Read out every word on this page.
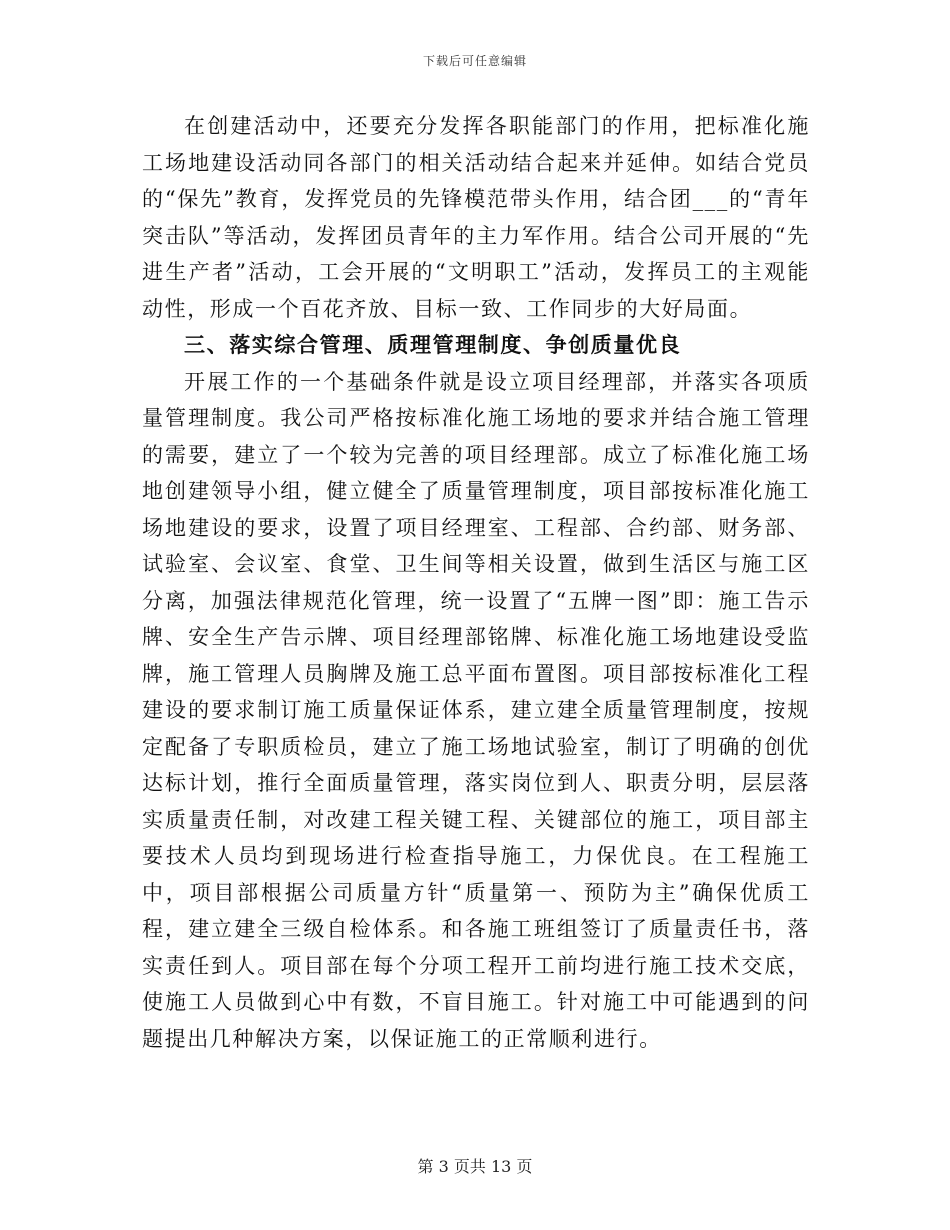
下载后可任意编辑

在创建活动中，还要充分发挥各职能部门的作用，把标准化施工场地建设活动同各部门的相关活动结合起来并延伸。如结合党员的“保先”教育，发挥党员的先锋模范带头作用，结合团___的“青年突击队”等活动，发挥团员青年的主力军作用。结合公司开展的“先进生产者”活动，工会开展的“文明职工”活动，发挥员工的主观能动性，形成一个百花齐放、目标一致、工作同步的大好局面。

三、落实综合管理、质理管理制度、争创质量优良

开展工作的一个基础条件就是设立项目经理部，并落实各项质量管理制度。我公司严格按标准化施工场地的要求并结合施工管理的需要，建立了一个较为完善的项目经理部。成立了标准化施工场地创建领导小组，健立健全了质量管理制度，项目部按标准化施工场地建设的要求，设置了项目经理室、工程部、合约部、财务部、试验室、会议室、食堂、卫生间等相关设置，做到生活区与施工区分离，加强法律规范化管理，统一设置了“五牌一图”即：施工告示牌、安全生产告示牌、项目经理部铭牌、标准化施工场地建设受监牌，施工管理人员胸牌及施工总平面布置图。项目部按标准化工程建设的要求制订施工质量保证体系，建立建全质量管理制度，按规定配备了专职质检员，建立了施工场地试验室，制订了明确的创优达标计划，推行全面质量管理，落实岗位到人、职责分明，层层落实质量责任制，对改建工程关键工程、关键部位的施工，项目部主要技术人员均到现场进行检查指导施工，力保优良。在工程施工中，项目部根据公司质量方针“质量第一、预防为主”确保优质工程，建立建全三级自检体系。和各施工班组签订了质量责任书，落实责任到人。项目部在每个分项工程开工前均进行施工技术交底，使施工人员做到心中有数，不盲目施工。针对施工中可能遇到的问题提出几种解决方案，以保证施工的正常顺利进行。

第 3 页共 13 页
